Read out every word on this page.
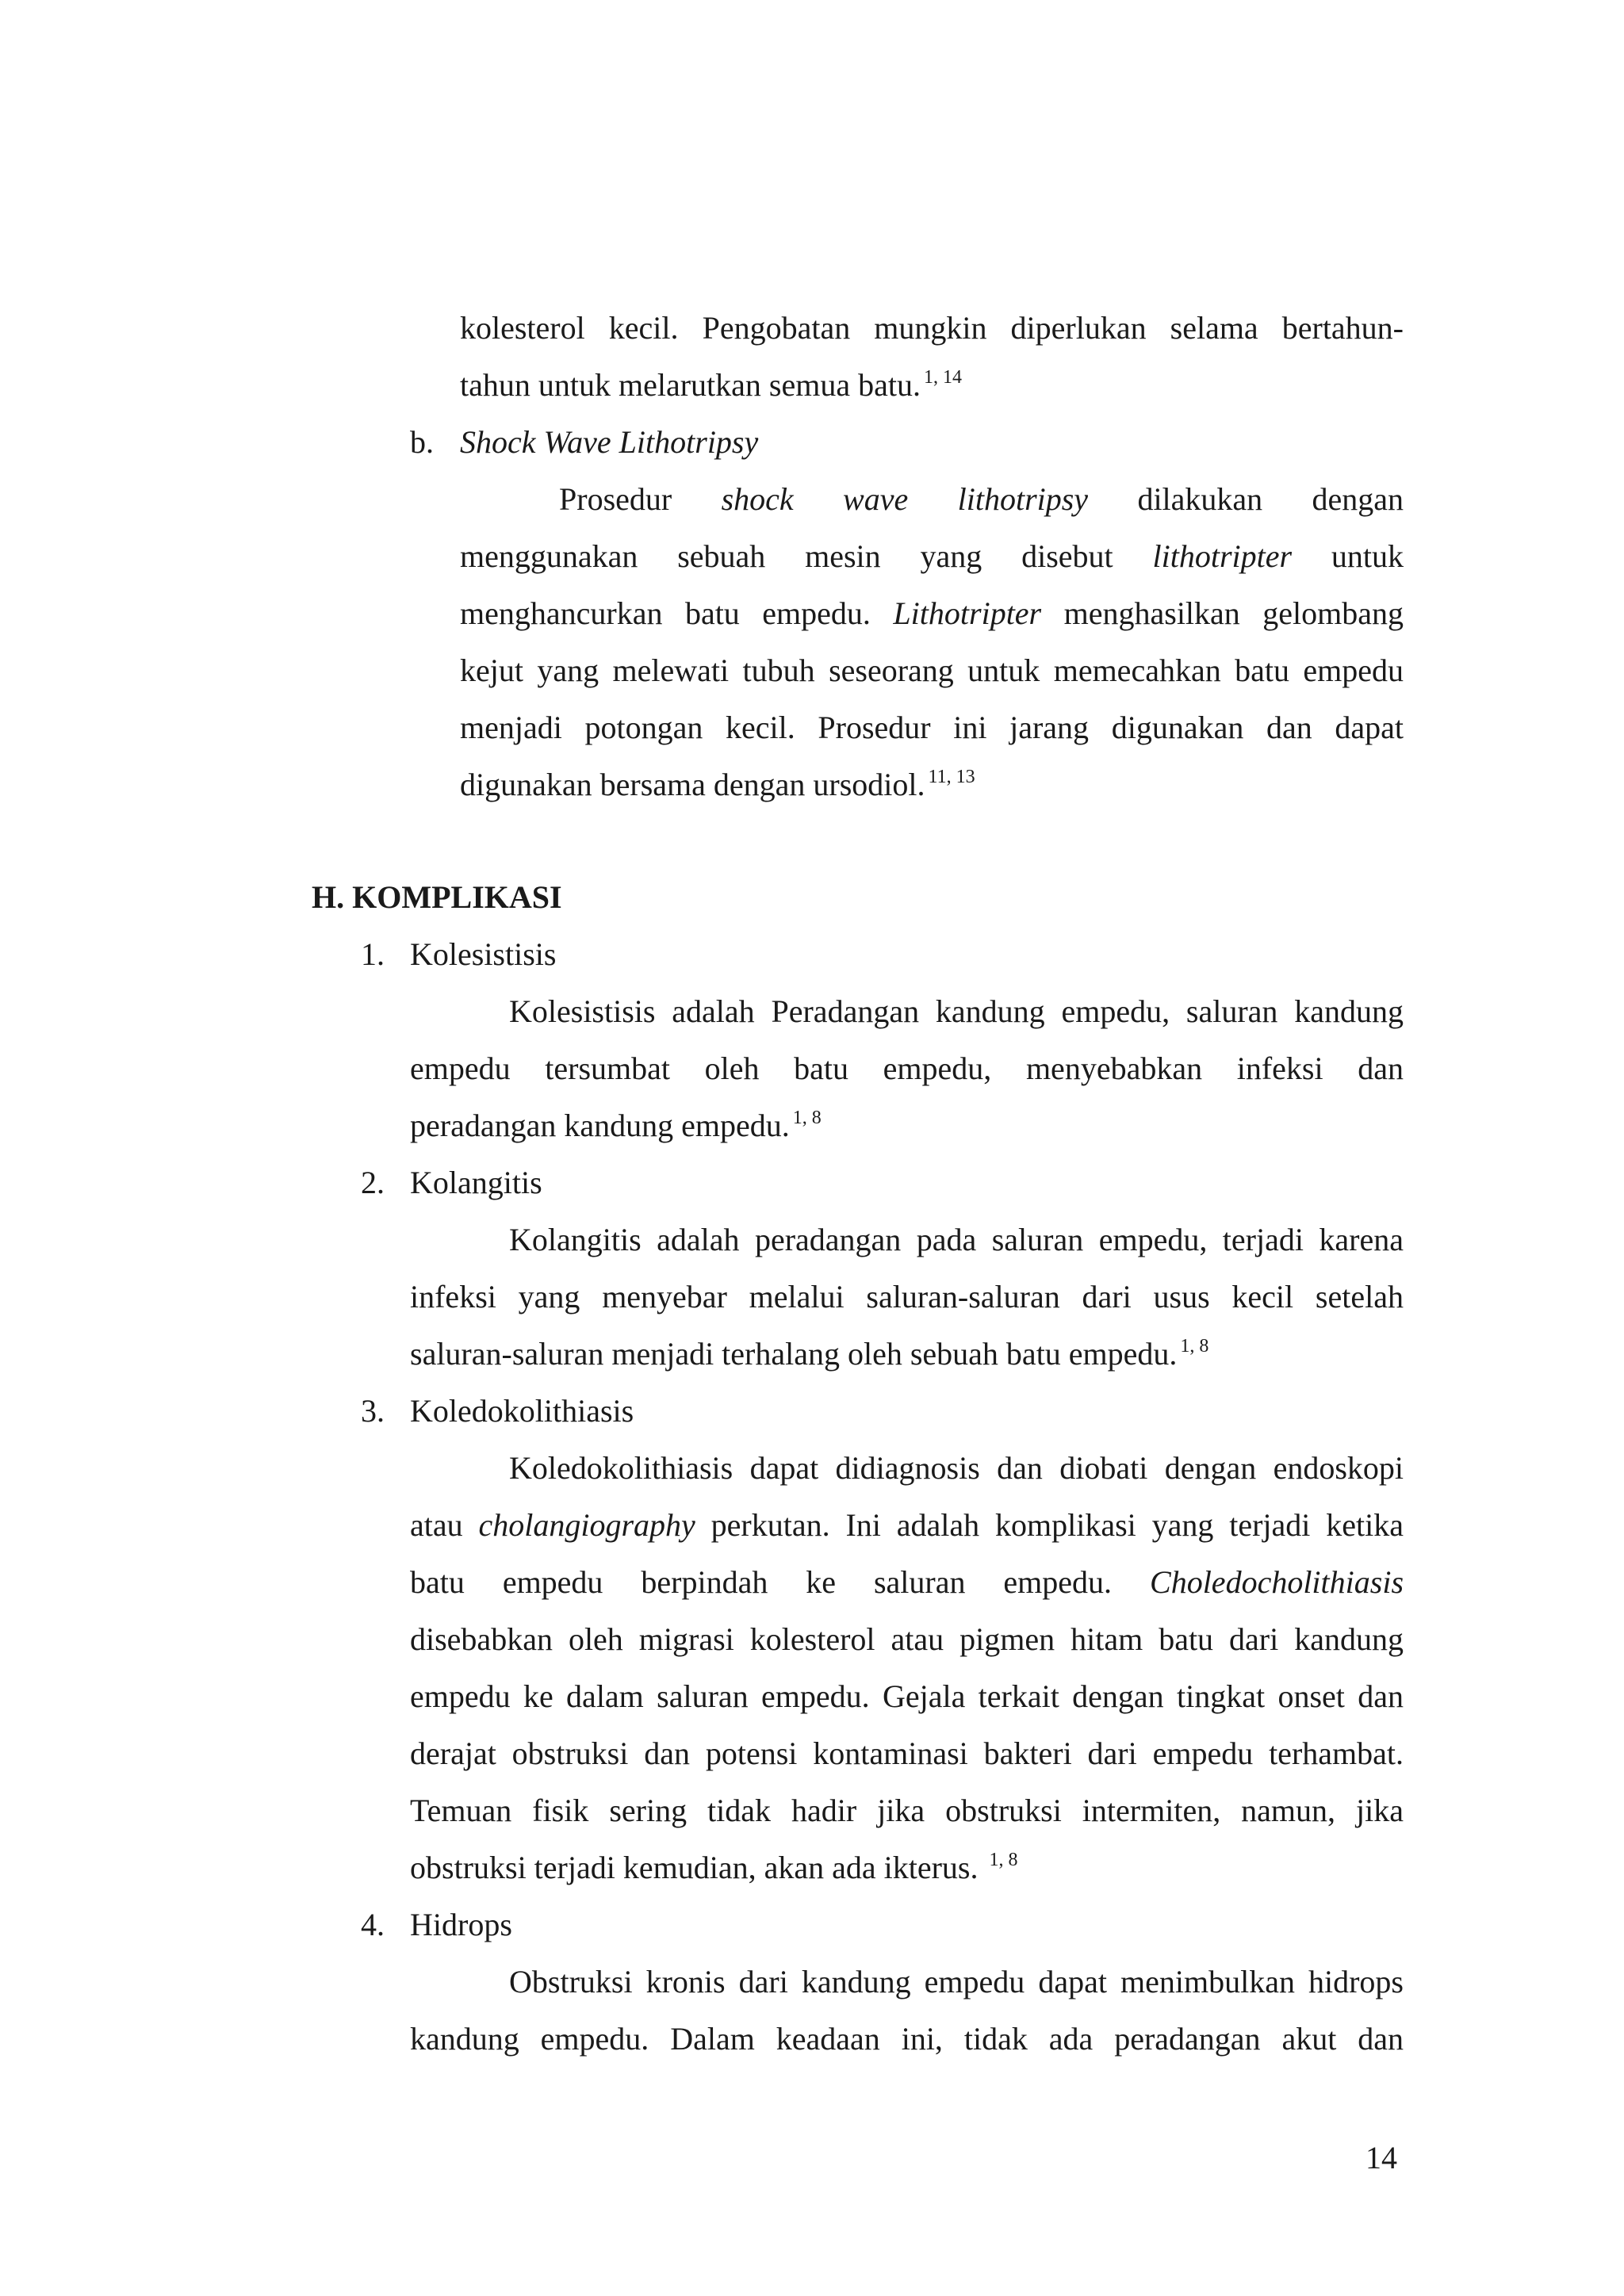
kolesterol kecil. Pengobatan mungkin diperlukan selama bertahun-
tahun untuk melarutkan semua batu. $^{1, 14}$
b. Shock Wave Lithotripsy
Prosedur shock wave lithotripsy dilakukan dengan
menggunakan sebuah mesin yang disebut lithotripter untuk
menghancurkan batu empedu. Lithotripter menghasilkan gelombang
kejut yang melewati tubuh seseorang untuk memecahkan batu empedu
menjadi potongan kecil. Prosedur ini jarang digunakan dan dapat
digunakan bersama dengan ursodiol. $^{11, 13}$
H. KOMPLIKASI
1. Kolesistisis
Kolesistisis adalah Peradangan kandung empedu, saluran kandung
empedu tersumbat oleh batu empedu, menyebabkan infeksi dan
peradangan kandung empedu. $^{1, 8}$
2. Kolangitis
Kolangitis adalah peradangan pada saluran empedu, terjadi karena
infeksi yang menyebar melalui saluran-saluran dari usus kecil setelah
saluran-saluran menjadi terhalang oleh sebuah batu empedu. $^{1, 8}$
3. Koledokolithiasis
Koledokolithiasis dapat didiagnosis dan diobati dengan endoskopi
atau cholangiography perkutan. Ini adalah komplikasi yang terjadi ketika
batu empedu berpindah ke saluran empedu. Choledocholithiasis
disebabkan oleh migrasi kolesterol atau pigmen hitam batu dari kandung
empedu ke dalam saluran empedu. Gejala terkait dengan tingkat onset dan
derajat obstruksi dan potensi kontaminasi bakteri dari empedu terhambat.
Temuan fisik sering tidak hadir jika obstruksi intermiten, namun, jika
obstruksi terjadi kemudian, akan ada ikterus. $^{1, 8}$
4. Hidrops
Obstruksi kronis dari kandung empedu dapat menimbulkan hidrops
kandung empedu. Dalam keadaan ini, tidak ada peradangan akut dan
14
